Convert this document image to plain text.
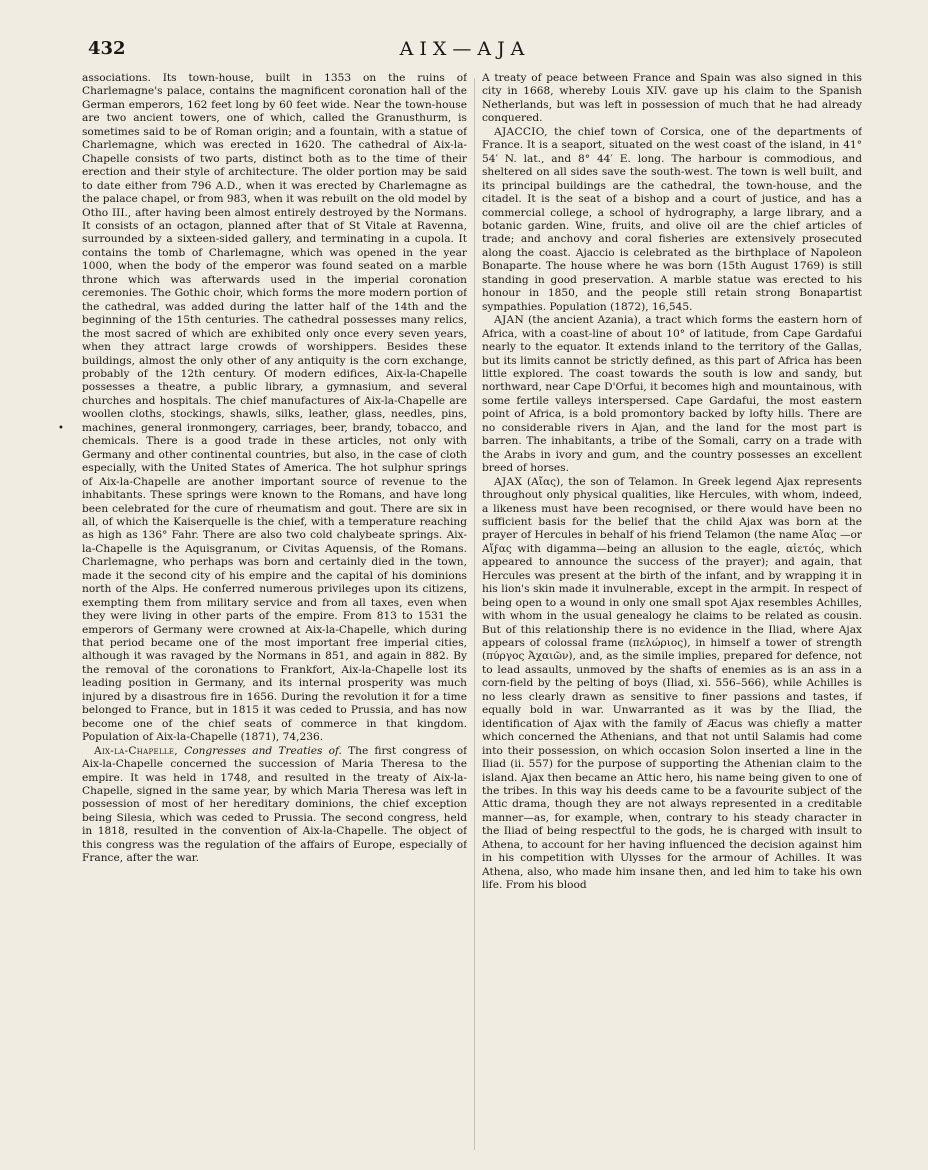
432	AIX—AJA
•

associations. Its town-house, built in 1353 on the ruins of Charlemagne's palace, contains the magnificent coronation hall of the German emperors, 162 feet long by 60 feet wide. Near the town-house are two ancient towers, one of which, called the Granusthurm, is sometimes said to be of Roman origin; and a fountain, with a statue of Charlemagne, which was erected in 1620. The cathedral of Aix-la-Chapelle consists of two parts, distinct both as to the time of their erection and their style of architecture. The older portion may be said to date either from 796 A.D., when it was erected by Charlemagne as the palace chapel, or from 983, when it was rebuilt on the old model by Otho III., after having been almost entirely destroyed by the Normans. It consists of an octagon, planned after that of St Vitale at Ravenna, surrounded by a sixteen-sided gallery, and terminating in a cupola. It contains the tomb of Charlemagne, which was opened in the year 1000, when the body of the emperor was found seated on a marble throne which was afterwards used in the imperial coronation ceremonies. The Gothic choir, which forms the more modern portion of the cathedral, was added during the latter half of the 14th and the beginning of the 15th centuries. The cathedral possesses many relics, the most sacred of which are exhibited only once every seven years, when they attract large crowds of worshippers. Besides these buildings, almost the only other of any antiquity is the corn exchange, probably of the 12th century. Of modern edifices, Aix-la-Chapelle possesses a theatre, a public library, a gymnasium, and several churches and hospitals. The chief manufactures of Aix-la-Chapelle are woollen cloths, stockings, shawls, silks, leather, glass, needles, pins, machines, general ironmongery, carriages, beer, brandy, tobacco, and chemicals. There is a good trade in these articles, not only with Germany and other continental countries, but also, in the case of cloth especially, with the United States of America. The hot sulphur springs of Aix-la-Chapelle are another important source of revenue to the inhabitants. These springs were known to the Romans, and have long been celebrated for the cure of rheumatism and gout. There are six in all, of which the Kaiserquelle is the chief, with a temperature reaching as high as 136° Fahr. There are also two cold chalybeate springs. Aix-la-Chapelle is the Aquisgranum, or Civitas Aquensis, of the Romans. Charlemagne, who perhaps was born and certainly died in the town, made it the second city of his empire and the capital of his dominions north of the Alps. He conferred numerous privileges upon its citizens, exempting them from military service and from all taxes, even when they were living in other parts of the empire. From 813 to 1531 the emperors of Germany were crowned at Aix-la-Chapelle, which during that period became one of the most important free imperial cities, although it was ravaged by the Normans in 851, and again in 882. By the removal of the coronations to Frankfort, Aix-la-Chapelle lost its leading position in Germany, and its internal prosperity was much injured by a disastrous fire in 1656. During the revolution it for a time belonged to France, but in 1815 it was ceded to Prussia, and has now become one of the chief seats of commerce in that kingdom. Population of Aix-la-Chapelle (1871), 74,236.

Aix-la-Chapelle, Congresses and Treaties of. The first congress of Aix-la-Chapelle concerned the succession of Maria Theresa to the empire. It was held in 1748, and resulted in the treaty of Aix-la-Chapelle, signed in the same year, by which Maria Theresa was left in possession of most of her hereditary dominions, the chief exception being Silesia, which was ceded to Prussia. The second congress, held in 1818, resulted in the convention of Aix-la-Chapelle. The object of this congress was the regulation of the affairs of Europe, especially of France, after the war.

A treaty of peace between France and Spain was also signed in this city in 1668, whereby Louis XIV. gave up his claim to the Spanish Netherlands, but was left in possession of much that he had already conquered.

AJACCIO, the chief town of Corsica, one of the departments of France. It is a seaport, situated on the west coast of the island, in 41° 54′ N. lat., and 8° 44′ E. long. The harbour is commodious, and sheltered on all sides save the south-west. The town is well built, and its principal buildings are the cathedral, the town-house, and the citadel. It is the seat of a bishop and a court of justice, and has a commercial college, a school of hydrography, a large library, and a botanic garden. Wine, fruits, and olive oil are the chief articles of trade; and anchovy and coral fisheries are extensively prosecuted along the coast. Ajaccio is celebrated as the birthplace of Napoleon Bonaparte. The house where he was born (15th August 1769) is still standing in good preservation. A marble statue was erected to his honour in 1850, and the people still retain strong Bonapartist sympathies. Population (1872), 16,545.

AJAN (the ancient Azania), a tract which forms the eastern horn of Africa, with a coast-line of about 10° of latitude, from Cape Gardafui nearly to the equator. It extends inland to the territory of the Gallas, but its limits cannot be strictly defined, as this part of Africa has been little explored. The coast towards the south is low and sandy, but northward, near Cape D'Orfui, it becomes high and mountainous, with some fertile valleys interspersed. Cape Gardafui, the most eastern point of Africa, is a bold promontory backed by lofty hills. There are no considerable rivers in Ajan, and the land for the most part is barren. The inhabitants, a tribe of the Somali, carry on a trade with the Arabs in ivory and gum, and the country possesses an excellent breed of horses.

AJAX (Αἴας), the son of Telamon. In Greek legend Ajax represents throughout only physical qualities, like Hercules, with whom, indeed, a likeness must have been recognised, or there would have been no sufficient basis for the belief that the child Ajax was born at the prayer of Hercules in behalf of his friend Telamon (the name Αἴας —or Αἴϝας with digamma—being an allusion to the eagle, αἰετός, which appeared to announce the success of the prayer); and again, that Hercules was present at the birth of the infant, and by wrapping it in his lion's skin made it invulnerable, except in the armpit. In respect of being open to a wound in only one small spot Ajax resembles Achilles, with whom in the usual genealogy he claims to be related as cousin. But of this relationship there is no evidence in the Iliad, where Ajax appears of colossal frame (πελώριος), in himself a tower of strength (πύργος Ἀχαιῶν), and, as the simile implies, prepared for defence, not to lead assaults, unmoved by the shafts of enemies as is an ass in a corn-field by the pelting of boys (Iliad, xi. 556–566), while Achilles is no less clearly drawn as sensitive to finer passions and tastes, if equally bold in war. Unwarranted as it was by the Iliad, the identification of Ajax with the family of Æacus was chiefly a matter which concerned the Athenians, and that not until Salamis had come into their possession, on which occasion Solon inserted a line in the Iliad (ii. 557) for the purpose of supporting the Athenian claim to the island. Ajax then became an Attic hero, his name being given to one of the tribes. In this way his deeds came to be a favourite subject of the Attic drama, though they are not always represented in a creditable manner—as, for example, when, contrary to his steady character in the Iliad of being respectful to the gods, he is charged with insult to Athena, to account for her having influenced the decision against him in his competition with Ulysses for the armour of Achilles. It was Athena, also, who made him insane then, and led him to take his own life. From his blood
